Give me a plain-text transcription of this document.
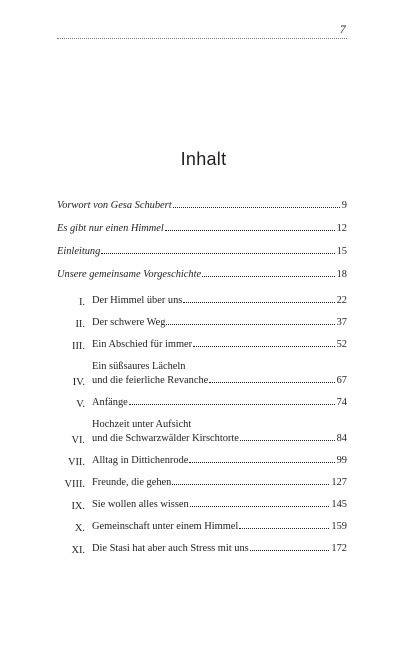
7
Inhalt
Vorwort von Gesa Schubert	9
Es gibt nur einen Himmel	12
Einleitung	15
Unsere gemeinsame Vorgeschichte	18
I. Der Himmel über uns	22
II. Der schwere Weg	37
III. Ein Abschied für immer	52
IV.
Ein süßsaures Lächeln
und die feierliche Revanche	67
V. Anfänge	74
VI.
Hochzeit unter Aufsicht
und die Schwarzwälder Kirschtorte	84
VII. Alltag in Dittichenrode	99
VIII. Freunde, die gehen	127
IX. Sie wollen alles wissen	145
X. Gemeinschaft unter einem Himmel	159
XI. Die Stasi hat aber auch Stress mit uns	172
